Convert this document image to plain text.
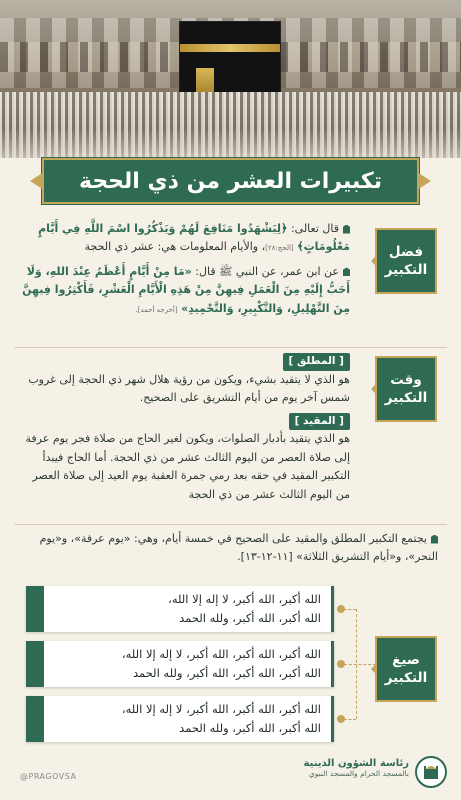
تكبيرات العشر من ذي الحجة
فضل
التكبير

قال تعالى: ﴿لِيَشْهَدُوا مَنَافِعَ لَهُمْ وَيَذْكُرُوا اسْمَ اللَّهِ فِي أَيَّامٍ مَعْلُومَاتٍ﴾ [الحج:٢٨]، والأيام المعلومات هي: عشر ذي الحجة

عن ابن عمر، عن النبي ﷺ قال: «مَا مِنْ أَيَّامٍ أَعْظَمُ عِنْدَ اللهِ، وَلَا أَحَبُّ إِلَيْهِ مِنَ الْعَمَلِ فِيهِنَّ مِنْ هَذِهِ الْأَيَّامِ الْعَشْرِ، فَأَكْثِرُوا فِيهِنَّ مِنَ التَّهْلِيلِ، وَالتَّكْبِيرِ، وَالتَّحْمِيدِ» [أخرجه أحمد].

وقت
التكبير
[ المطلق ]

هو الذي لا يتقيد بشيء، ويكون من رؤية هلال شهر ذي الحجة إلى غروب شمس آخر يوم من أيام التشريق على الصحيح.

[ المقيد ]

هو الذي يتقيد بأدبار الصلوات، ويكون لغير الحاج من صلاة فجر يوم عرفة إلى صلاة العصر من اليوم الثالث عشر من ذي الحجة. أما الحاج فيبدأ التكبير المقيد في حقه بعد رمي جمرة العقبة يوم العيد إلى صلاة العصر من اليوم الثالث عشر من ذي الحجة

يجتمع التكبير المطلق والمقيد على الصحيح في خمسة أيام، وهي: «يوم عرفة»، و«يوم النحر»، و«أيام التشريق الثلاثة» [١١-١٢-١٣].

صيغ
التكبير
الله أكبر، الله أكبر، لا إله إلا الله،
الله أكبر، الله أكبر، ولله الحمد
الله أكبر، الله أكبر، الله أكبر، لا إله إلا الله،
الله أكبر، الله أكبر، الله أكبر، ولله الحمد
الله أكبر، الله أكبر، الله أكبر، لا إله إلا الله،
الله أكبر، الله أكبر، ولله الحمد
@PRAGOVSA
رئاسة الشؤون الدينية
بالمسجد الحرام والمسجد النبوي
